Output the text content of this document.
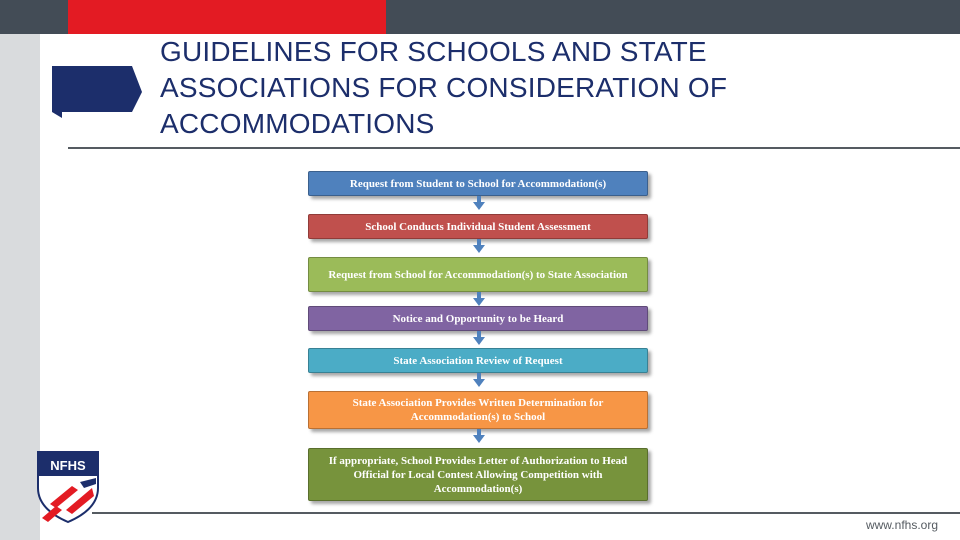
GUIDELINES FOR SCHOOLS AND STATE ASSOCIATIONS FOR CONSIDERATION OF ACCOMMODATIONS
Request from Student to School for Accommodation(s)
School Conducts Individual Student Assessment
Request from School for Accommodation(s) to State Association
Notice and Opportunity to be Heard
State Association Review of Request
State Association Provides Written Determination for Accommodation(s) to School
If appropriate, School Provides Letter of Authorization to Head Official for Local Contest Allowing Competition with Accommodation(s)
NFHS
www.nfhs.org
